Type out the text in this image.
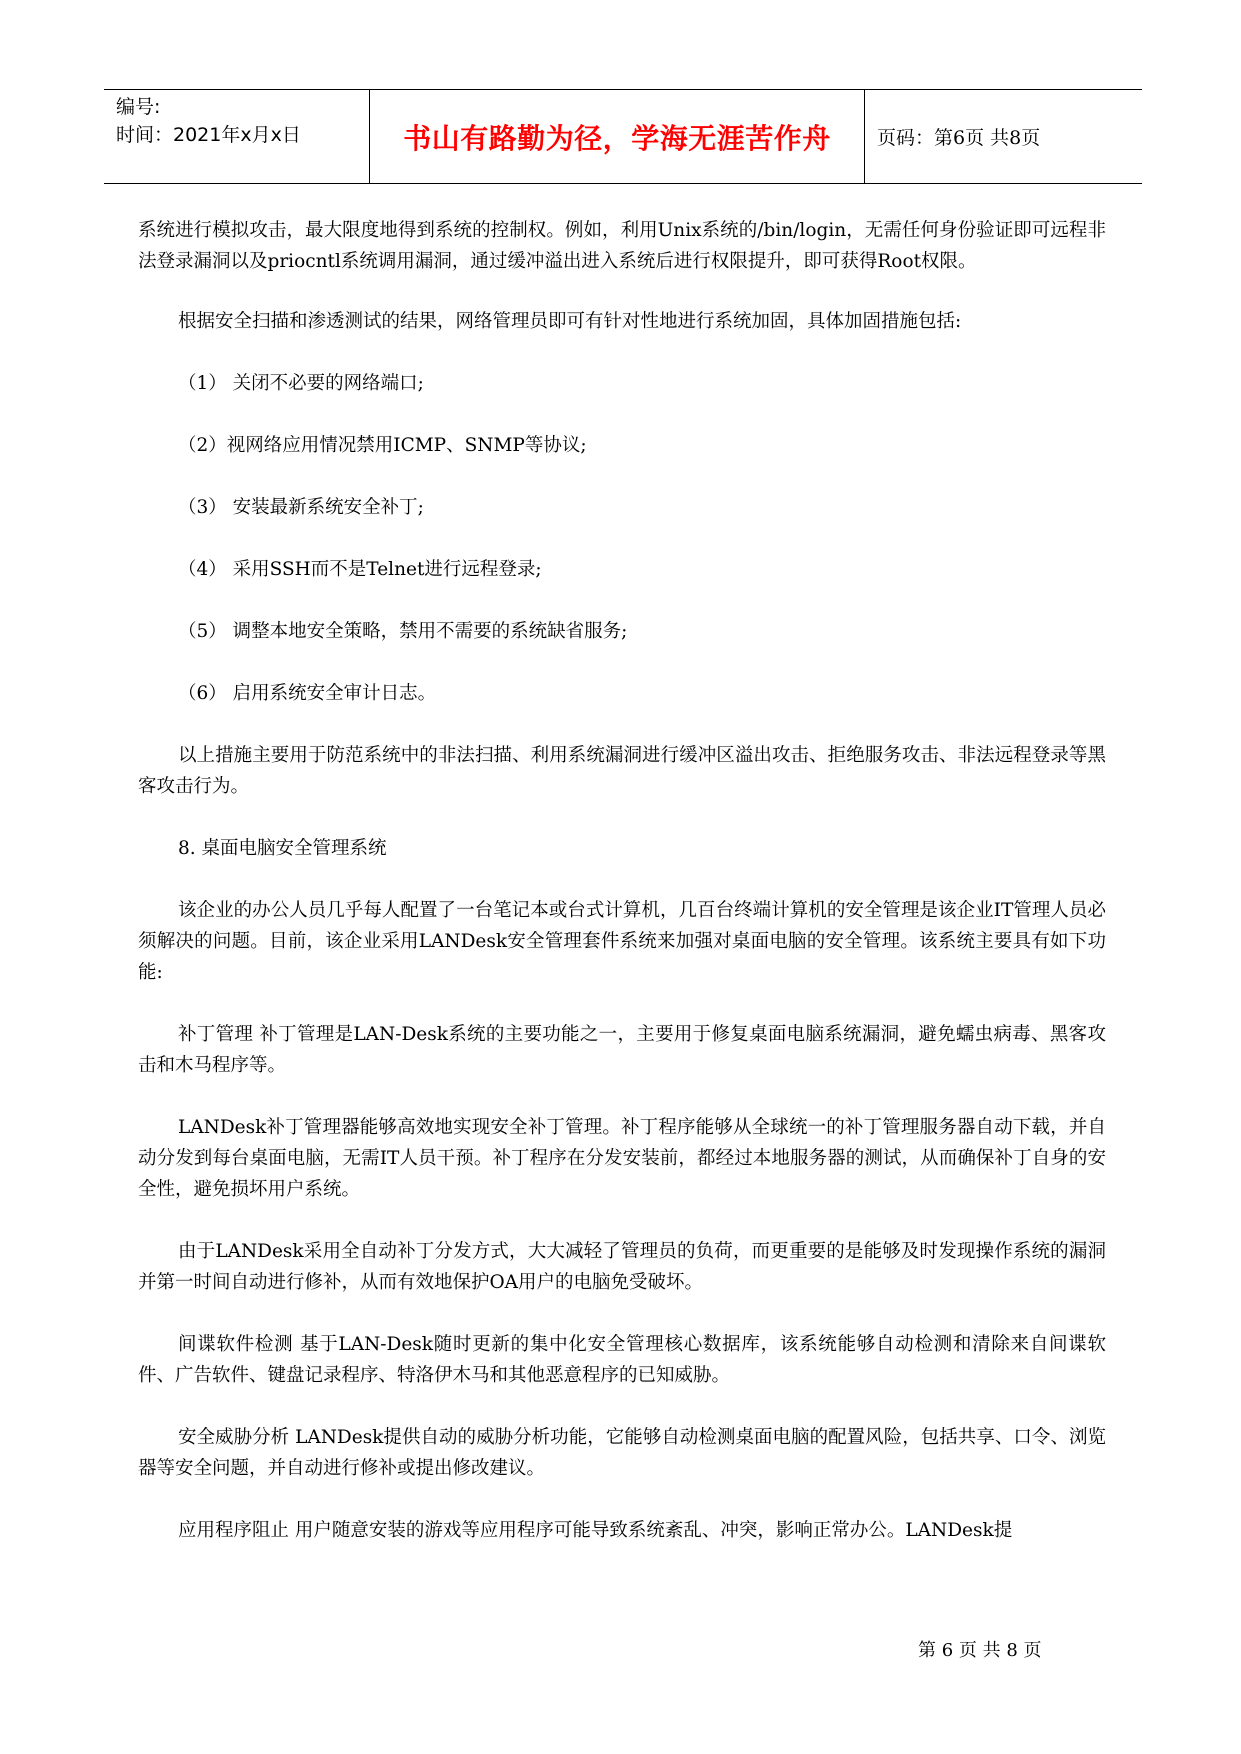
编号:
时间：2021年x月x日	书山有路勤为径，学海无涯苦作舟 页码：第6页 共8页

系统进行模拟攻击，最大限度地得到系统的控制权。例如，利用Unix系统的/bin/login，无需任何身份验证即可远程非法登录漏洞以及priocntl系统调用漏洞，通过缓冲溢出进入系统后进行权限提升，即可获得Root权限。

根据安全扫描和渗透测试的结果，网络管理员即可有针对性地进行系统加固，具体加固措施包括:

（1） 关闭不必要的网络端口;

（2）视网络应用情况禁用ICMP、SNMP等协议;

（3） 安装最新系统安全补丁;

（4） 采用SSH而不是Telnet进行远程登录;

（5） 调整本地安全策略，禁用不需要的系统缺省服务;

（6） 启用系统安全审计日志。

以上措施主要用于防范系统中的非法扫描、利用系统漏洞进行缓冲区溢出攻击、拒绝服务攻击、非法远程登录等黑客攻击行为。

8. 桌面电脑安全管理系统

该企业的办公人员几乎每人配置了一台笔记本或台式计算机，几百台终端计算机的安全管理是该企业IT管理人员必须解决的问题。目前，该企业采用LANDesk安全管理套件系统来加强对桌面电脑的安全管理。该系统主要具有如下功能:

补丁管理 补丁管理是LAN-Desk系统的主要功能之一，主要用于修复桌面电脑系统漏洞，避免蠕虫病毒、黑客攻击和木马程序等。

LANDesk补丁管理器能够高效地实现安全补丁管理。补丁程序能够从全球统一的补丁管理服务器自动下载，并自动分发到每台桌面电脑，无需IT人员干预。补丁程序在分发安装前，都经过本地服务器的测试，从而确保补丁自身的安全性，避免损坏用户系统。

由于LANDesk采用全自动补丁分发方式，大大减轻了管理员的负荷，而更重要的是能够及时发现操作系统的漏洞并第一时间自动进行修补，从而有效地保护OA用户的电脑免受破坏。

间谍软件检测 基于LAN-Desk随时更新的集中化安全管理核心数据库，该系统能够自动检测和清除来自间谍软件、广告软件、键盘记录程序、特洛伊木马和其他恶意程序的已知威胁。

安全威胁分析 LANDesk提供自动的威胁分析功能，它能够自动检测桌面电脑的配置风险，包括共享、口令、浏览器等安全问题，并自动进行修补或提出修改建议。

应用程序阻止 用户随意安装的游戏等应用程序可能导致系统紊乱、冲突，影响正常办公。LANDesk提

第 6 页 共 8 页
